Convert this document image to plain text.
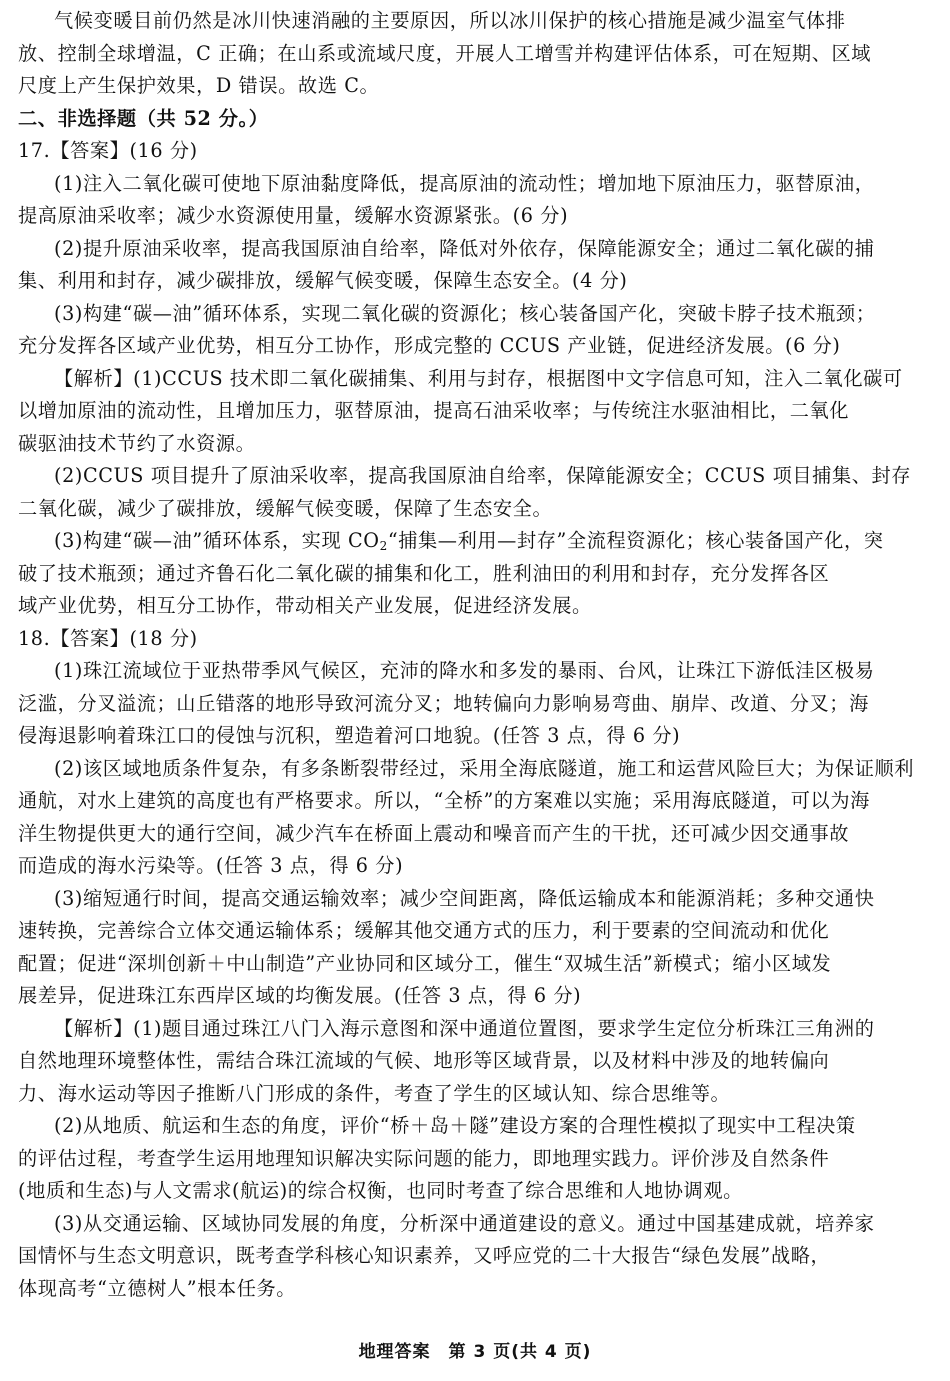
气候变暖目前仍然是冰川快速消融的主要原因，所以冰川保护的核心措施是减少温室气体排
放、控制全球增温，C 正确；在山系或流域尺度，开展人工增雪并构建评估体系，可在短期、区域
尺度上产生保护效果，D 错误。故选 C。
二、非选择题（共 52 分。）
17.【答案】(16 分)
(1)注入二氧化碳可使地下原油黏度降低，提高原油的流动性；增加地下原油压力，驱替原油，
提高原油采收率；减少水资源使用量，缓解水资源紧张。(6 分)
(2)提升原油采收率，提高我国原油自给率，降低对外依存，保障能源安全；通过二氧化碳的捕
集、利用和封存，减少碳排放，缓解气候变暖，保障生态安全。(4 分)
(3)构建“碳—油”循环体系，实现二氧化碳的资源化；核心装备国产化，突破卡脖子技术瓶颈；
充分发挥各区域产业优势，相互分工协作，形成完整的 CCUS 产业链，促进经济发展。(6 分)
【解析】(1)CCUS 技术即二氧化碳捕集、利用与封存，根据图中文字信息可知，注入二氧化碳可
以增加原油的流动性，且增加压力，驱替原油，提高石油采收率；与传统注水驱油相比，二氧化
碳驱油技术节约了水资源。
(2)CCUS 项目提升了原油采收率，提高我国原油自给率，保障能源安全；CCUS 项目捕集、封存
二氧化碳，减少了碳排放，缓解气候变暖，保障了生态安全。
(3)构建“碳—油”循环体系，实现 $CO_2“$捕集—利用—封存”全流程资源化；核心装备国产化，突
破了技术瓶颈；通过齐鲁石化二氧化碳的捕集和化工，胜利油田的利用和封存，充分发挥各区
域产业优势，相互分工协作，带动相关产业发展，促进经济发展。
18.【答案】(18 分)
(1)珠江流域位于亚热带季风气候区，充沛的降水和多发的暴雨、台风，让珠江下游低洼区极易
泛滥，分叉溢流；山丘错落的地形导致河流分叉；地转偏向力影响易弯曲、崩岸、改道、分叉；海
侵海退影响着珠江口的侵蚀与沉积，塑造着河口地貌。(任答 3 点，得 6 分)
(2)该区域地质条件复杂，有多条断裂带经过，采用全海底隧道，施工和运营风险巨大；为保证顺利
通航，对水上建筑的高度也有严格要求。所以，“全桥”的方案难以实施；采用海底隧道，可以为海
洋生物提供更大的通行空间，减少汽车在桥面上震动和噪音而产生的干扰，还可减少因交通事故
而造成的海水污染等。(任答 3 点，得 6 分)
(3)缩短通行时间，提高交通运输效率；减少空间距离，降低运输成本和能源消耗；多种交通快
速转换，完善综合立体交通运输体系；缓解其他交通方式的压力，利于要素的空间流动和优化
配置；促进“深圳创新＋中山制造”产业协同和区域分工，催生“双城生活”新模式；缩小区域发
展差异，促进珠江东西岸区域的均衡发展。(任答 3 点，得 6 分)
【解析】(1)题目通过珠江八门入海示意图和深中通道位置图，要求学生定位分析珠江三角洲的
自然地理环境整体性，需结合珠江流域的气候、地形等区域背景，以及材料中涉及的地转偏向
力、海水运动等因子推断八门形成的条件，考查了学生的区域认知、综合思维等。
(2)从地质、航运和生态的角度，评价“桥＋岛＋隧”建设方案的合理性模拟了现实中工程决策
的评估过程，考查学生运用地理知识解决实际问题的能力，即地理实践力。评价涉及自然条件
(地质和生态)与人文需求(航运)的综合权衡，也同时考查了综合思维和人地协调观。
(3)从交通运输、区域协同发展的角度，分析深中通道建设的意义。通过中国基建成就，培养家
国情怀与生态文明意识，既考查学科核心知识素养，又呼应党的二十大报告“绿色发展”战略，
体现高考“立德树人”根本任务。
地理答案　第 3 页(共 4 页)
